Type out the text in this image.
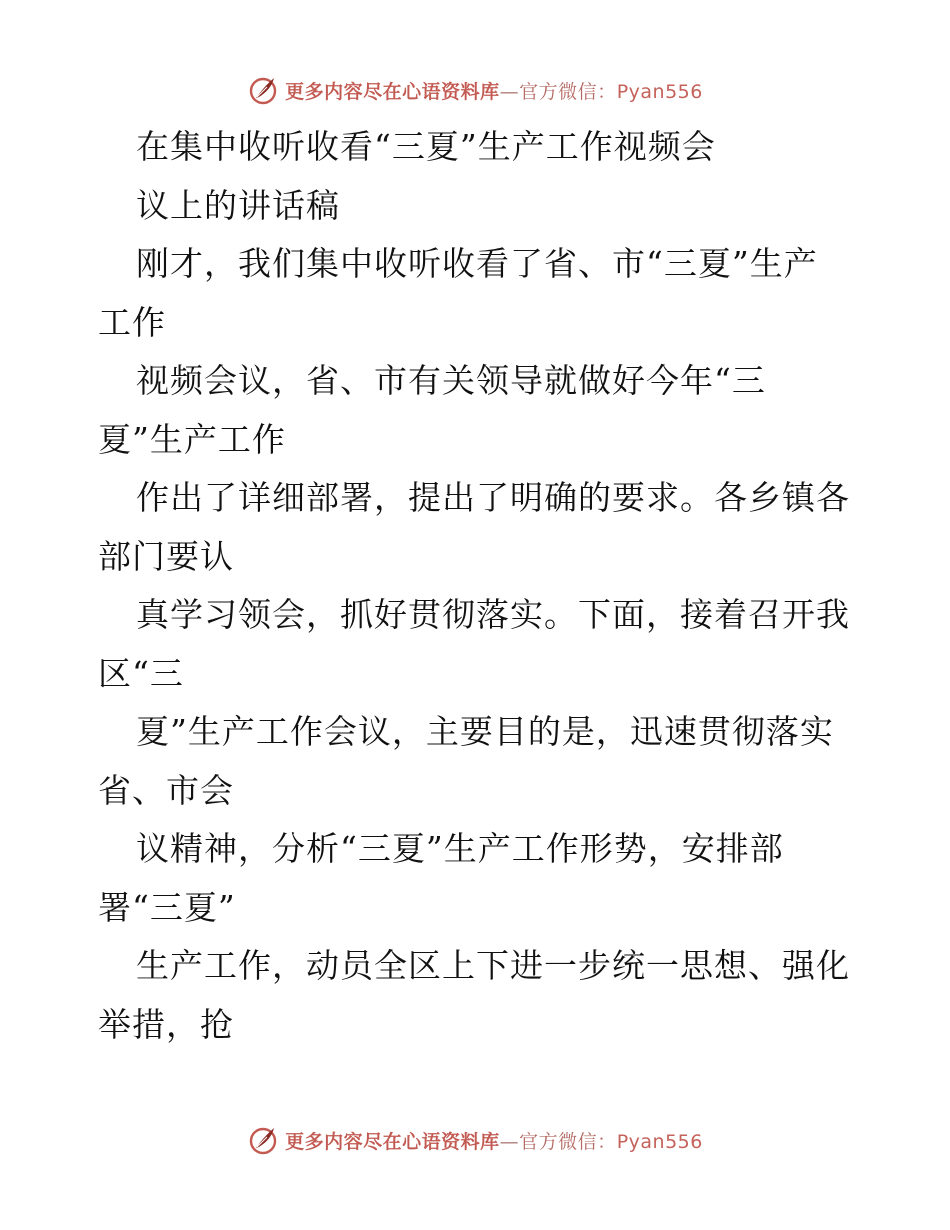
更多内容尽在心语资料库—官方微信：Pyan556
在集中收听收看“三夏”生产工作视频会
议上的讲话稿
刚才，我们集中收听收看了省、市“三夏”生产
工作
视频会议，省、市有关领导就做好今年“三
夏”生产工作
作出了详细部署，提出了明确的要求。各乡镇各
部门要认
真学习领会，抓好贯彻落实。下面，接着召开我
区“三
夏”生产工作会议，主要目的是，迅速贯彻落实
省、市会
议精神，分析“三夏”生产工作形势，安排部
署“三夏”
生产工作，动员全区上下进一步统一思想、强化
举措，抢
更多内容尽在心语资料库—官方微信：Pyan556
